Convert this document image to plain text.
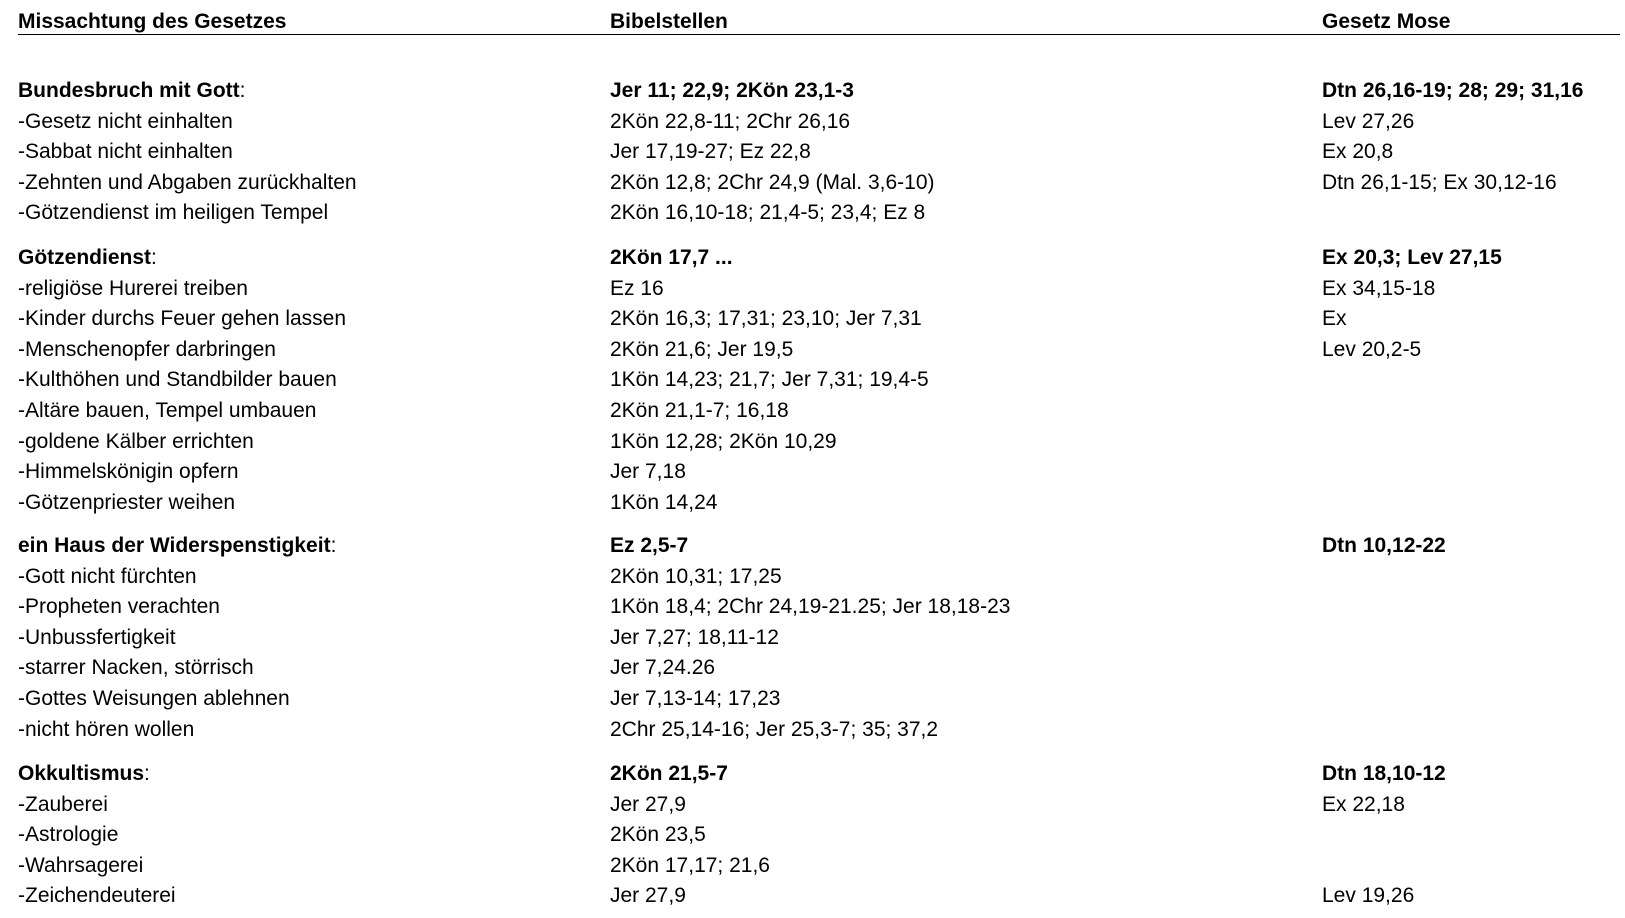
Missachtung des Gesetzes	Bibelstellen	Gesetz Mose
Bundesbruch mit Gott:	Jer 11; 22,9; 2Kön 23,1-3	Dtn 26,16-19; 28; 29; 31,16
-Gesetz nicht einhalten	2Kön 22,8-11; 2Chr 26,16	Lev 27,26
-Sabbat nicht einhalten	Jer 17,19-27; Ez 22,8	Ex 20,8
-Zehnten und Abgaben zurückhalten	2Kön 12,8; 2Chr 24,9 (Mal. 3,6-10)	Dtn 26,1-15; Ex 30,12-16
-Götzendienst im heiligen Tempel	2Kön 16,10-18; 21,4-5; 23,4; Ez 8
Götzendienst:	2Kön 17,7 ...	Ex 20,3; Lev 27,15
-religiöse Hurerei treiben	Ez 16	Ex 34,15-18
-Kinder durchs Feuer gehen lassen	2Kön 16,3; 17,31; 23,10; Jer 7,31	Ex
-Menschenopfer darbringen	2Kön 21,6; Jer 19,5	Lev 20,2-5
-Kulthöhen und Standbilder bauen	1Kön 14,23; 21,7; Jer 7,31; 19,4-5
-Altäre bauen, Tempel umbauen	2Kön 21,1-7; 16,18
-goldene Kälber errichten	1Kön 12,28; 2Kön 10,29
-Himmelskönigin opfern	Jer 7,18
-Götzenpriester weihen	1Kön 14,24
ein Haus der Widerspenstigkeit:	Ez 2,5-7	Dtn 10,12-22
-Gott nicht fürchten	2Kön 10,31; 17,25
-Propheten verachten	1Kön 18,4; 2Chr 24,19-21.25; Jer 18,18-23
-Unbussfertigkeit	Jer 7,27; 18,11-12
-starrer Nacken, störrisch	Jer 7,24.26
-Gottes Weisungen ablehnen	Jer 7,13-14; 17,23
-nicht hören wollen	2Chr 25,14-16; Jer 25,3-7; 35; 37,2
Okkultismus:	2Kön 21,5-7	Dtn 18,10-12
-Zauberei	Jer 27,9	Ex 22,18
-Astrologie	2Kön 23,5
-Wahrsagerei	2Kön 17,17; 21,6
-Zeichendeuterei	Jer 27,9	Lev 19,26
